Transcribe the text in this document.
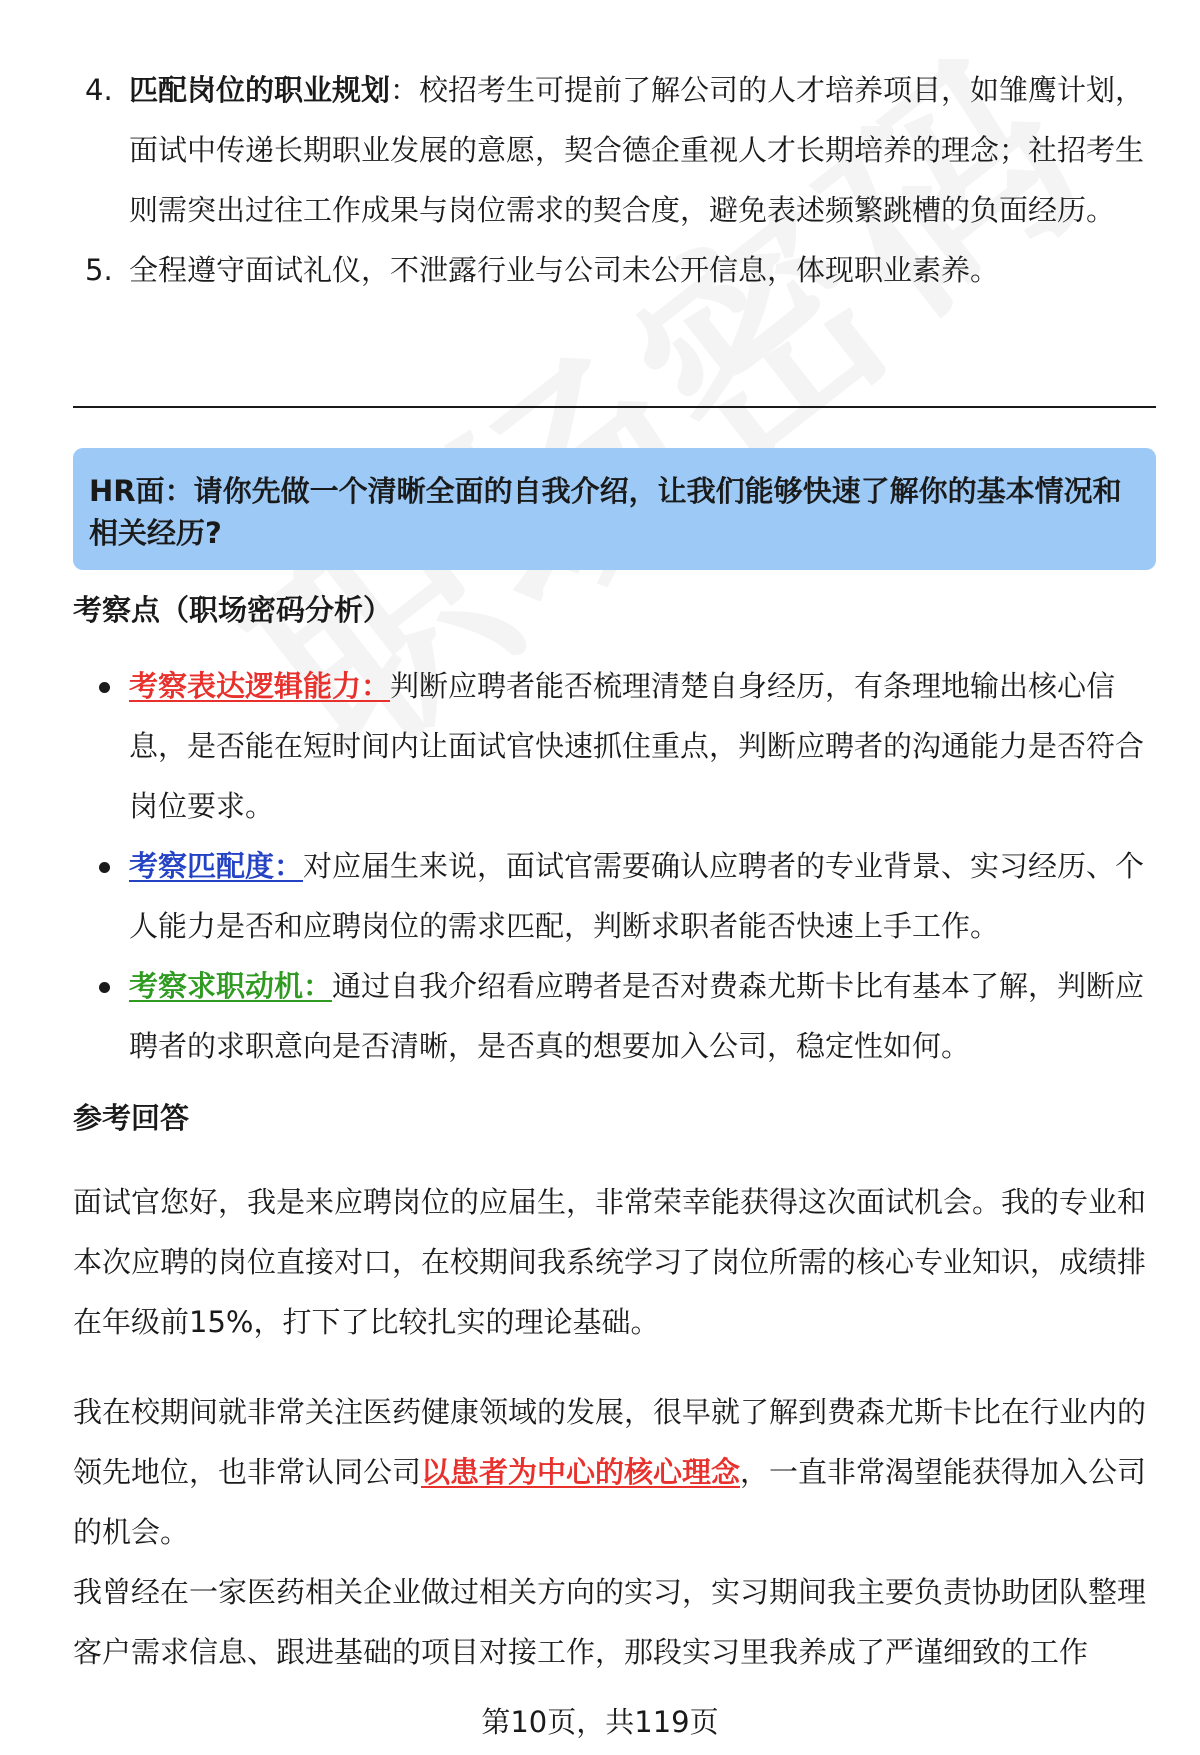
4. 匹配岗位的职业规划：校招考生可提前了解公司的人才培养项目，如雏鹰计划，面试中传递长期职业发展的意愿，契合德企重视人才长期培养的理念；社招考生则需突出过往工作成果与岗位需求的契合度，避免表述频繁跳槽的负面经历。
5. 全程遵守面试礼仪，不泄露行业与公司未公开信息，体现职业素养。
HR面：请你先做一个清晰全面的自我介绍，让我们能够快速了解你的基本情况和相关经历?
考察点（职场密码分析）
考察表达逻辑能力：判断应聘者能否梳理清楚自身经历，有条理地输出核心信息，是否能在短时间内让面试官快速抓住重点，判断应聘者的沟通能力是否符合岗位要求。
考察匹配度：对应届生来说，面试官需要确认应聘者的专业背景、实习经历、个人能力是否和应聘岗位的需求匹配，判断求职者能否快速上手工作。
考察求职动机：通过自我介绍看应聘者是否对费森尤斯卡比有基本了解，判断应聘者的求职意向是否清晰，是否真的想要加入公司，稳定性如何。
参考回答
面试官您好，我是来应聘岗位的应届生，非常荣幸能获得这次面试机会。我的专业和本次应聘的岗位直接对口，在校期间我系统学习了岗位所需的核心专业知识，成绩排在年级前15%，打下了比较扎实的理论基础。
我在校期间就非常关注医药健康领域的发展，很早就了解到费森尤斯卡比在行业内的领先地位，也非常认同公司以患者为中心的核心理念，一直非常渴望能获得加入公司的机会。
我曾经在一家医药相关企业做过相关方向的实习，实习期间我主要负责协助团队整理客户需求信息、跟进基础的项目对接工作，那段实习里我养成了严谨细致的工作
第10页，共119页
